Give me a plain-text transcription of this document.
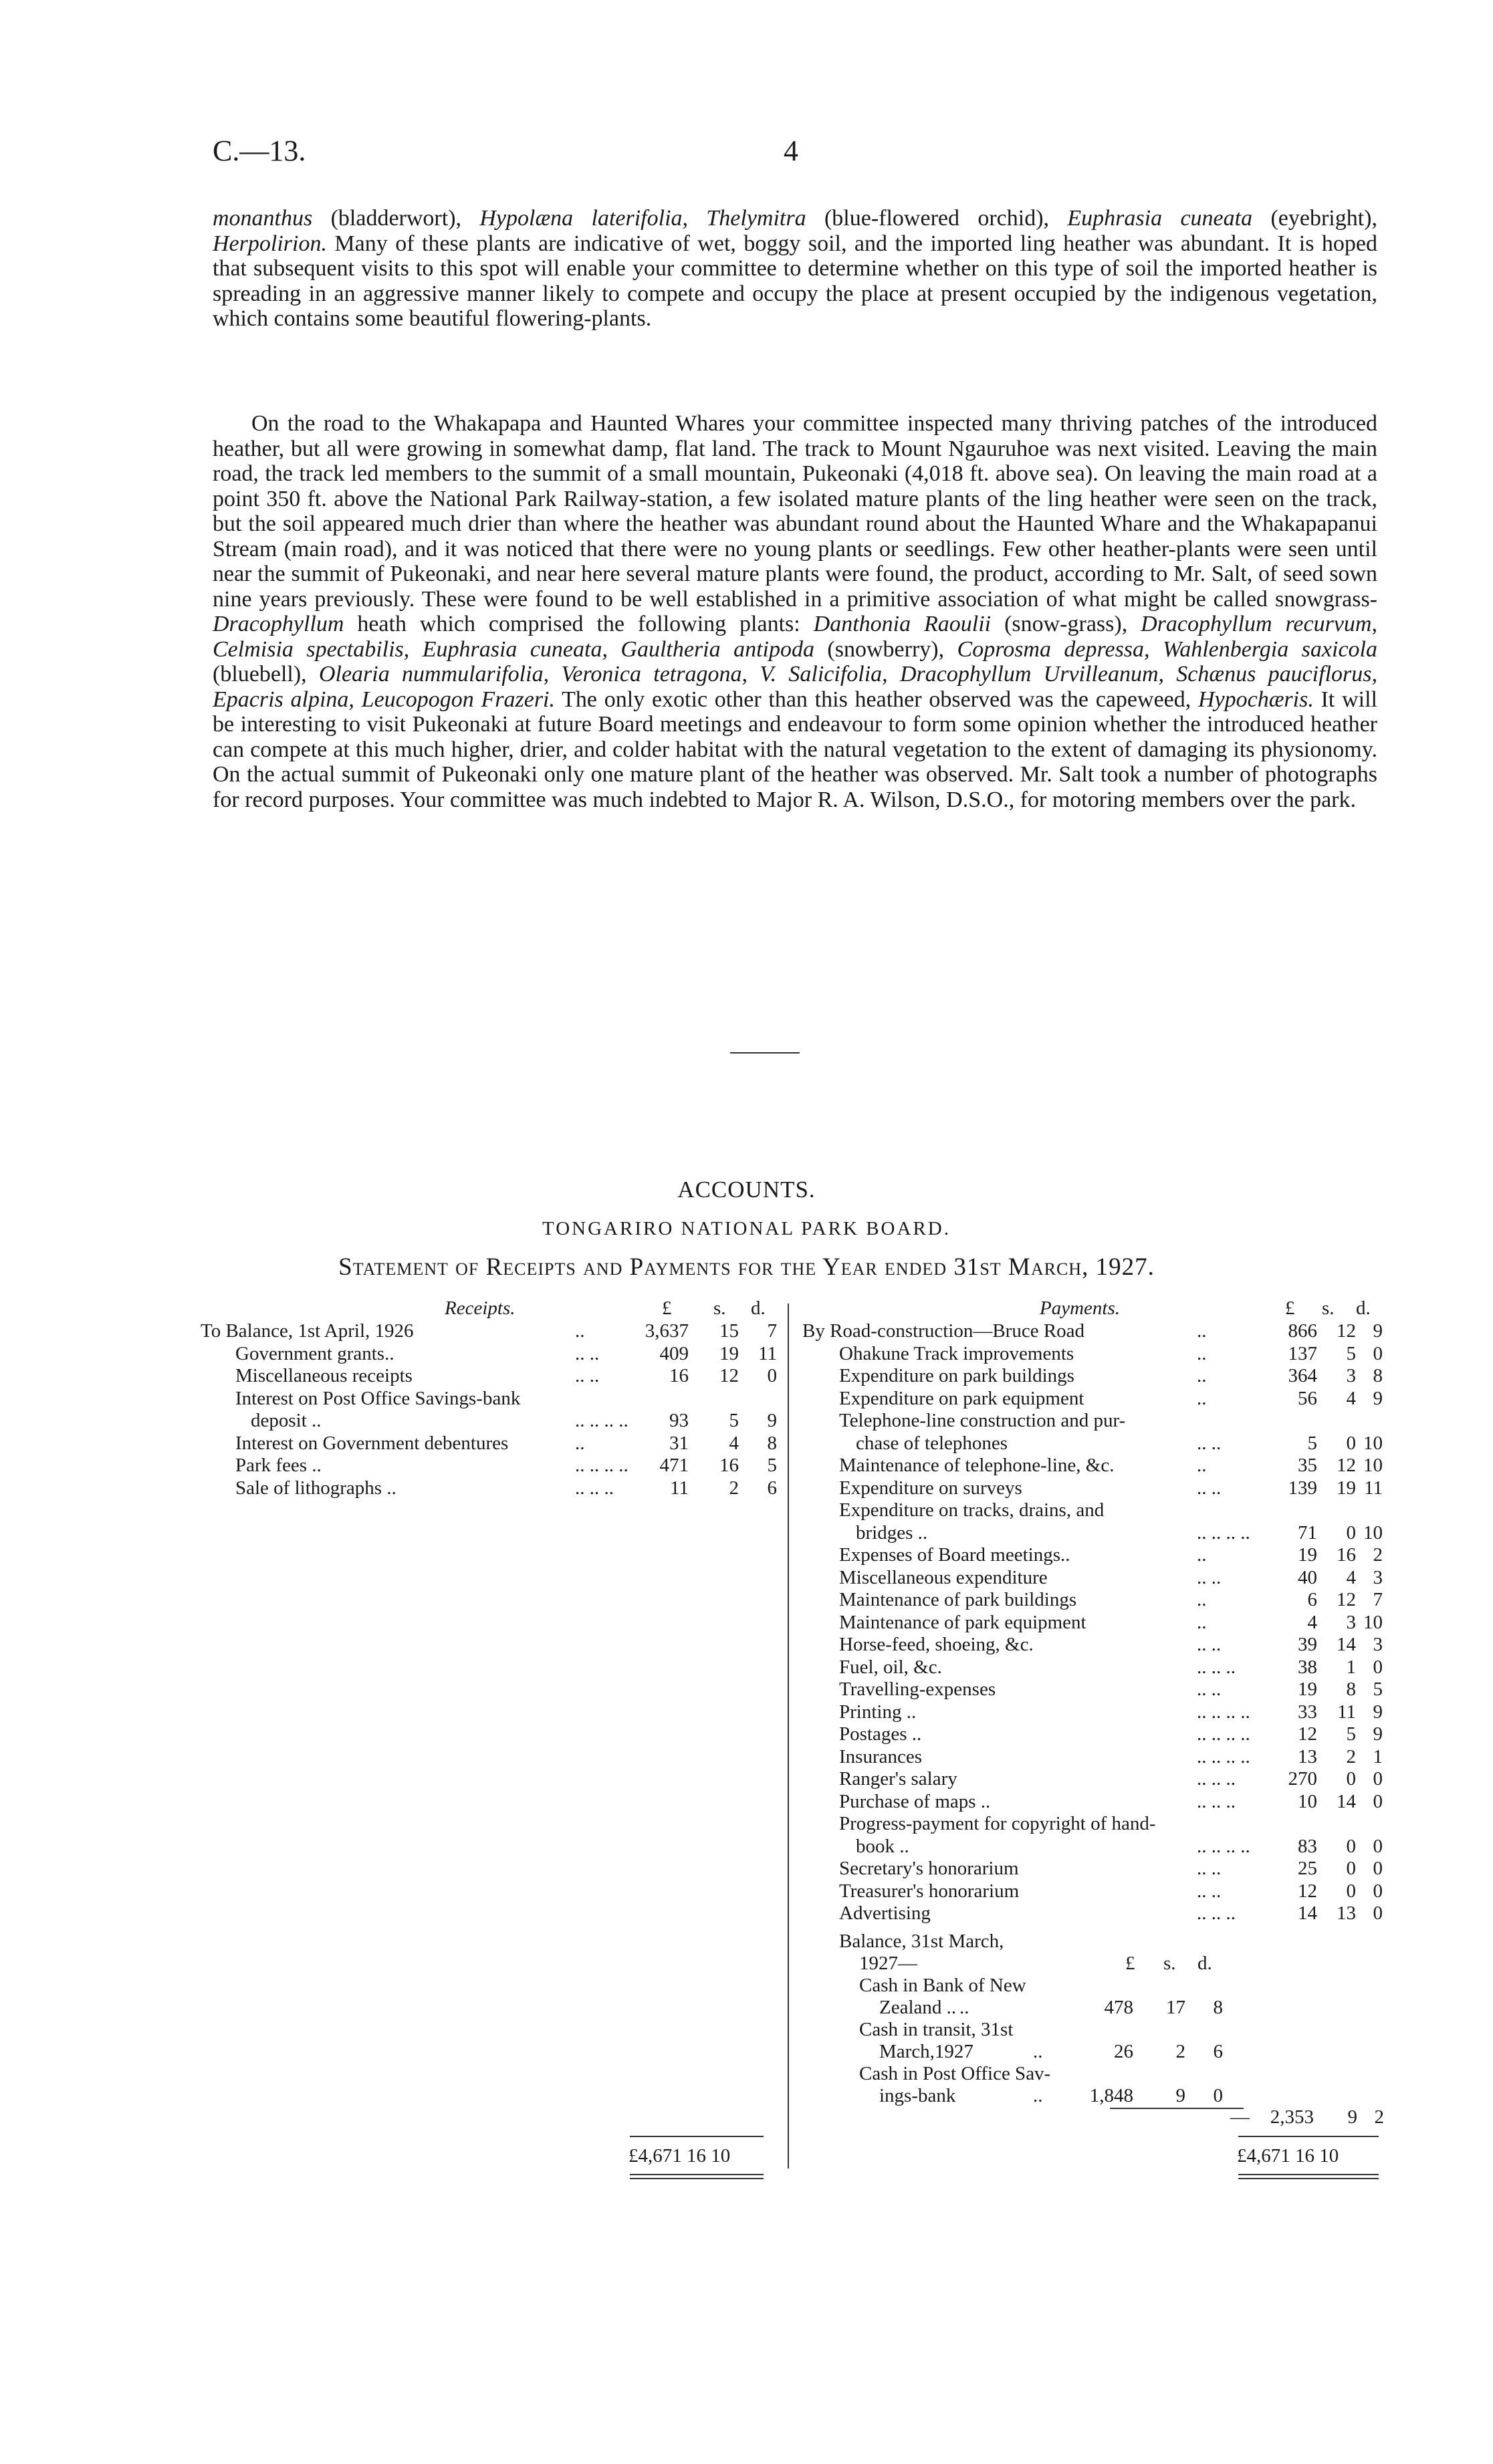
C.—13.	4

monanthus (bladderwort), Hypolæna laterifolia, Thelymitra (blue-flowered orchid), Euphrasia cuneata (eyebright), Herpolirion. Many of these plants are indicative of wet, boggy soil, and the imported ling heather was abundant. It is hoped that subsequent visits to this spot will enable your committee to determine whether on this type of soil the imported heather is spreading in an aggressive manner likely to compete and occupy the place at present occupied by the indigenous vegetation, which contains some beautiful flowering-plants.

On the road to the Whakapapa and Haunted Whares your committee inspected many thriving patches of the introduced heather, but all were growing in somewhat damp, flat land. The track to Mount Ngauruhoe was next visited. Leaving the main road, the track led members to the summit of a small mountain, Pukeonaki (4,018 ft. above sea). On leaving the main road at a point 350 ft. above the National Park Railway-station, a few isolated mature plants of the ling heather were seen on the track, but the soil appeared much drier than where the heather was abundant round about the Haunted Whare and the Whakapapanui Stream (main road), and it was noticed that there were no young plants or seedlings. Few other heather-plants were seen until near the summit of Pukeonaki, and near here several mature plants were found, the product, according to Mr. Salt, of seed sown nine years previously. These were found to be well established in a primitive association of what might be called snowgrass-Dracophyllum heath which comprised the following plants: Danthonia Raoulii (snow-grass), Dracophyllum recurvum, Celmisia spectabilis, Euphrasia cuneata, Gaultheria antipoda (snowberry), Coprosma depressa, Wahlenbergia saxicola (bluebell), Olearia nummularifolia, Veronica tetragona, V. Salicifolia, Dracophyllum Urvilleanum, Schænus pauciflorus, Epacris alpina, Leucopogon Frazeri. The only exotic other than this heather observed was the capeweed, Hypochæris. It will be interesting to visit Pukeonaki at future Board meetings and endeavour to form some opinion whether the introduced heather can compete at this much higher, drier, and colder habitat with the natural vegetation to the extent of damaging its physionomy. On the actual summit of Pukeonaki only one mature plant of the heather was observed. Mr. Salt took a number of photographs for record purposes. Your committee was much indebted to Major R. A. Wilson, D.S.O., for motoring members over the park.

ACCOUNTS.
TONGARIRO NATIONAL PARK BOARD.
Statement of Receipts and Payments for the Year ended 31st March, 1927.
Receipts.	£ s. d.	Payments.	£ s. d.
To Balance, 1st April, 1926	..	3,637	15	7
Government grants..	.. ..	409	19	11
Miscellaneous receipts	.. ..	16	12	0
Interest on Post Office Savings-bank
deposit ..	.. .. .. ..	93	5	9
Interest on Government debentures	..	31	4	8
Park fees ..	.. .. .. ..	471	16	5
Sale of lithographs ..	.. .. ..	11	2	6
By Road-construction—Bruce Road	..	866	12 9
Ohakune Track improvements	..	137	5 0
Expenditure on park buildings	..	364	3 8
Expenditure on park equipment	..	56	4 9
Telephone-line construction and pur-
chase of telephones	.. ..	5	0 10
Maintenance of telephone-line, &c.	..	35	12 10
Expenditure on surveys	.. ..	139	19 11
Expenditure on tracks, drains, and
bridges ..	.. .. .. ..	71	0 10
Expenses of Board meetings..	..	19	16 2
Miscellaneous expenditure	.. ..	40	4 3
Maintenance of park buildings	..	6	12 7
Maintenance of park equipment	..	4	3 10
Horse-feed, shoeing, &c.	.. ..	39	14 3
Fuel, oil, &c.	.. .. ..	38	1 0
Travelling-expenses	.. ..	19	8 5
Printing ..	.. .. .. ..	33	11 9
Postages ..	.. .. .. ..	12	5 9
Insurances	.. .. .. ..	13	2 1
Ranger's salary	.. .. ..	270	0 0
Purchase of maps ..	.. .. ..	10	14 0
Progress-payment for copyright of hand-
book ..	.. .. .. ..	83	0 0
Secretary's honorarium	.. ..	25	0 0
Treasurer's honorarium	.. ..	12	0 0
Advertising	.. .. ..	14	13 0
Balance, 31st March,
1927—	£ s. d.
Cash in Bank of New
Zealand .. ..	478	17	8
Cash in transit, 31st
March,1927	..	26	2	6
Cash in Post Office Sav-
ings-bank	..	1,848	9	0
—	2,353	9 2
£4,671 16 10	£4,671 16 10
